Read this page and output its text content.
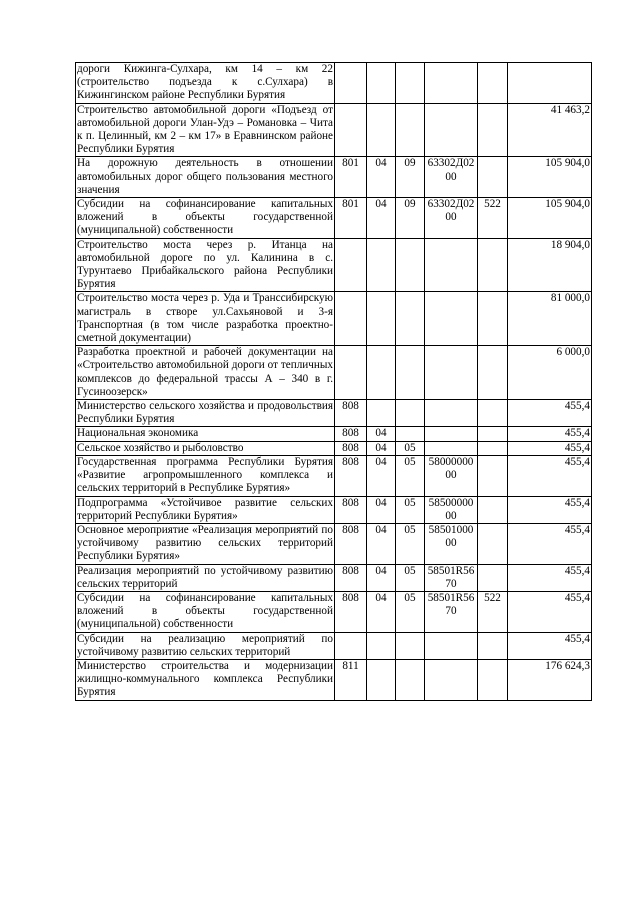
дороги Кижинга-Сулхара, км 14 – км 22 (строительство подъезда к с.Сулхара) в Кижингинском районе Республики Бурятия						
Строительство автомобильной дороги «Подъезд от автомобильной дороги Улан-Удэ – Романовка – Чита к п. Целинный, км 2 – км 17» в Еравнинском районе Республики Бурятия						41 463,2
На дорожную деятельность в отношении автомобильных дорог общего пользования местного значения	801	04	09	63302Д0200		105 904,0
Субсидии на софинансирование капитальных вложений в объекты государственной (муниципальной) собственности	801	04	09	63302Д0200	522	105 904,0
Строительство моста через р. Итанца на автомобильной дороге по ул. Калинина в с. Турунтаево Прибайкальского района Республики Бурятия						18 904,0
Строительство моста через р. Уда и Транссибирскую магистраль в створе ул.Сахьяновой и 3-я Транспортная (в том числе разработка проектно-сметной документации)						81 000,0
Разработка проектной и рабочей документации на «Строительство автомобильной дороги от тепличных комплексов до федеральной трассы А – 340 в г. Гусиноозерск»						6 000,0
Министерство сельского хозяйства и продовольствия Республики Бурятия	808					455,4
Национальная экономика	808	04				455,4
Сельское хозяйство и рыболовство	808	04	05			455,4
Государственная программа Республики Бурятия «Развитие агропромышленного комплекса и сельских территорий в Республике Бурятия»	808	04	05	5800000000		455,4
Подпрограмма «Устойчивое развитие сельских территорий Республики Бурятия»	808	04	05	5850000000		455,4
Основное мероприятие «Реализация мероприятий по устойчивому развитию сельских территорий Республики Бурятия»	808	04	05	5850100000		455,4
Реализация мероприятий по устойчивому развитию сельских территорий	808	04	05	58501R5670		455,4
Субсидии на софинансирование капитальных вложений в объекты государственной (муниципальной) собственности	808	04	05	58501R5670	522	455,4
Субсидии на реализацию мероприятий по устойчивому развитию сельских территорий						455,4
Министерство строительства и модернизации жилищно-коммунального комплекса Республики Бурятия	811					176 624,3
